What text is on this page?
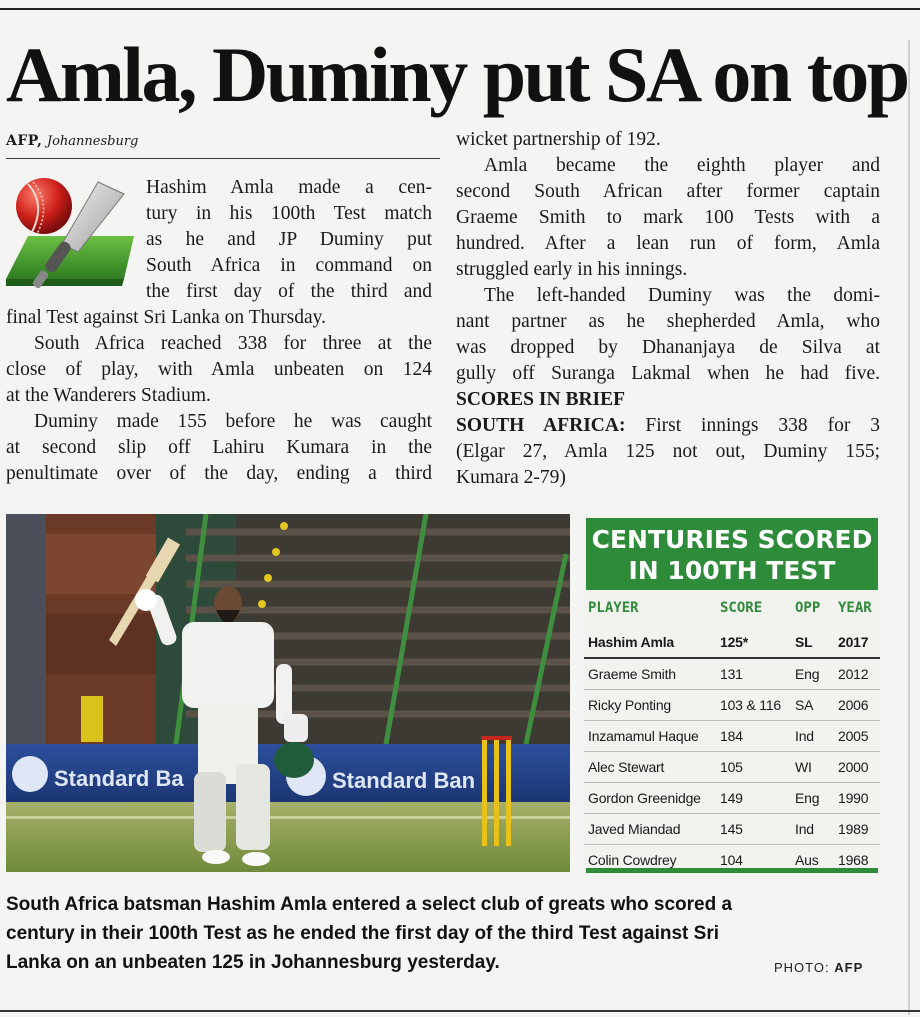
Amla, Duminy put SA on top
AFP, Johannesburg
Hashim Amla made a cen-
tury in his 100th Test match
as he and JP Duminy put
South Africa in command on
the first day of the third and
final Test against Sri Lanka on Thursday.
South Africa reached 338 for three at the
close of play, with Amla unbeaten on 124
at the Wanderers Stadium.
Duminy made 155 before he was caught
at second slip off Lahiru Kumara in the
penultimate over of the day, ending a third
wicket partnership of 192.
Amla became the eighth player and
second South African after former captain
Graeme Smith to mark 100 Tests with a
hundred. After a lean run of form, Amla
struggled early in his innings.
The left-handed Duminy was the domi-
nant partner as he shepherded Amla, who
was dropped by Dhananjaya de Silva at
gully off Suranga Lakmal when he had five.
SCORES IN BRIEF
SOUTH AFRICA: First innings 338 for 3
(Elgar 27, Amla 125 not out, Duminy 155;
Kumara 2-79)
Standard Ba	Standard Ban
CENTURIES SCORED
IN 100TH TEST
PLAYER	SCORE OPP YEAR
Hashim Amla	125*	SL 2017
Graeme Smith	131	Eng 2012
Ricky Ponting	103 & 116 SA 2006
Inzamamul Haque 184	Ind 2005
Alec Stewart	105	WI 2000
Gordon Greenidge 149	Eng 1990
Javed Miandad	145	Ind 1989
Colin Cowdrey	104	Aus 1968
South Africa batsman Hashim Amla entered a select club of greats who scored a
century in their 100th Test as he ended the first day of the third Test against Sri
Lanka on an unbeaten 125 in Johannesburg yesterday.	PHOTO: AFP
